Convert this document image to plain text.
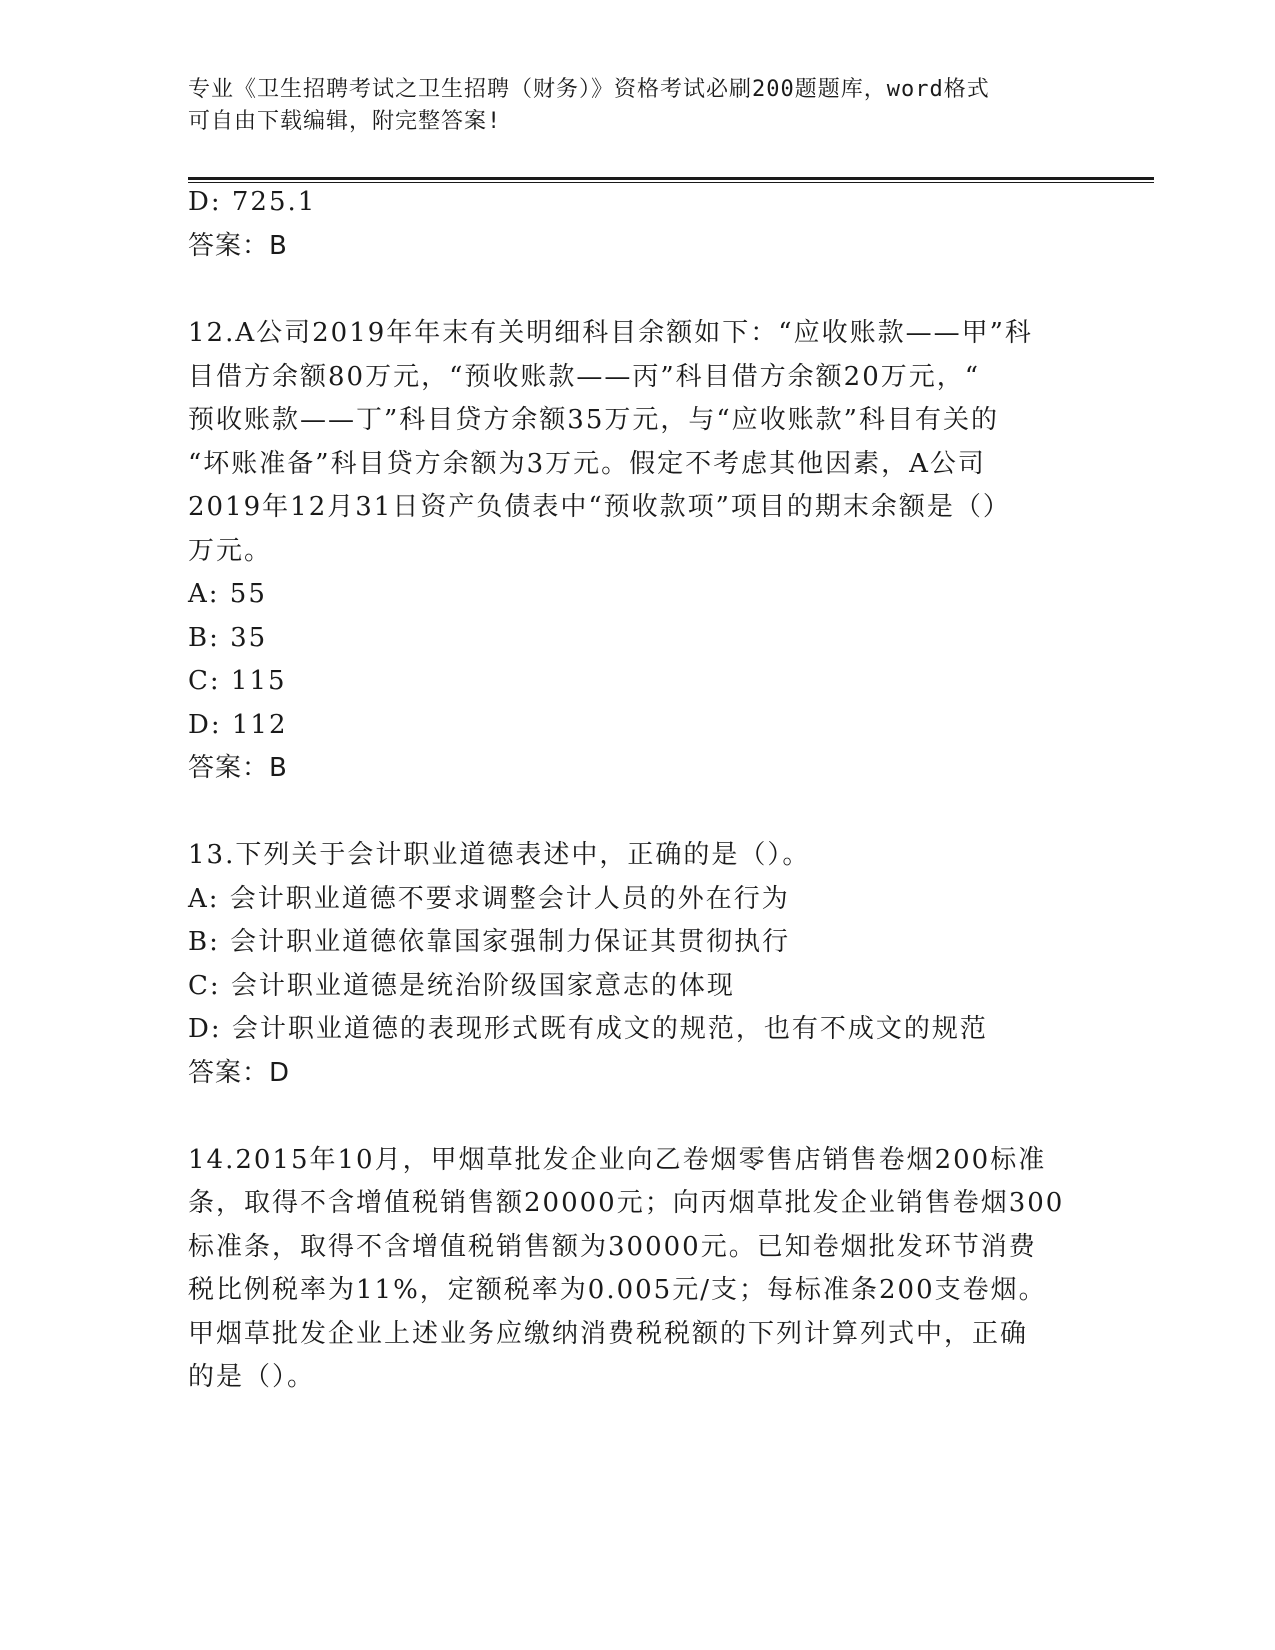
专业《卫生招聘考试之卫生招聘（财务）》资格考试必刷200题题库，word格式
可自由下载编辑，附完整答案!
D: 725.1
答案：B
12.A公司2019年年末有关明细科目余额如下：“应收账款——甲”科
目借方余额80万元，“预收账款——丙”科目借方余额20万元，“
预收账款——丁”科目贷方余额35万元，与“应收账款”科目有关的
“坏账准备”科目贷方余额为3万元。假定不考虑其他因素，A公司
2019年12月31日资产负债表中“预收款项”项目的期末余额是（）
万元。
A: 55
B: 35
C: 115
D: 112
答案：B
13.下列关于会计职业道德表述中，正确的是（）。
A: 会计职业道德不要求调整会计人员的外在行为
B: 会计职业道德依靠国家强制力保证其贯彻执行
C: 会计职业道德是统治阶级国家意志的体现
D: 会计职业道德的表现形式既有成文的规范，也有不成文的规范
答案：D
14.2015年10月，甲烟草批发企业向乙卷烟零售店销售卷烟200标准
条，取得不含增值税销售额20000元；向丙烟草批发企业销售卷烟300
标准条，取得不含增值税销售额为30000元。已知卷烟批发环节消费
税比例税率为11%，定额税率为0.005元/支；每标准条200支卷烟。
甲烟草批发企业上述业务应缴纳消费税税额的下列计算列式中，正确
的是（）。
